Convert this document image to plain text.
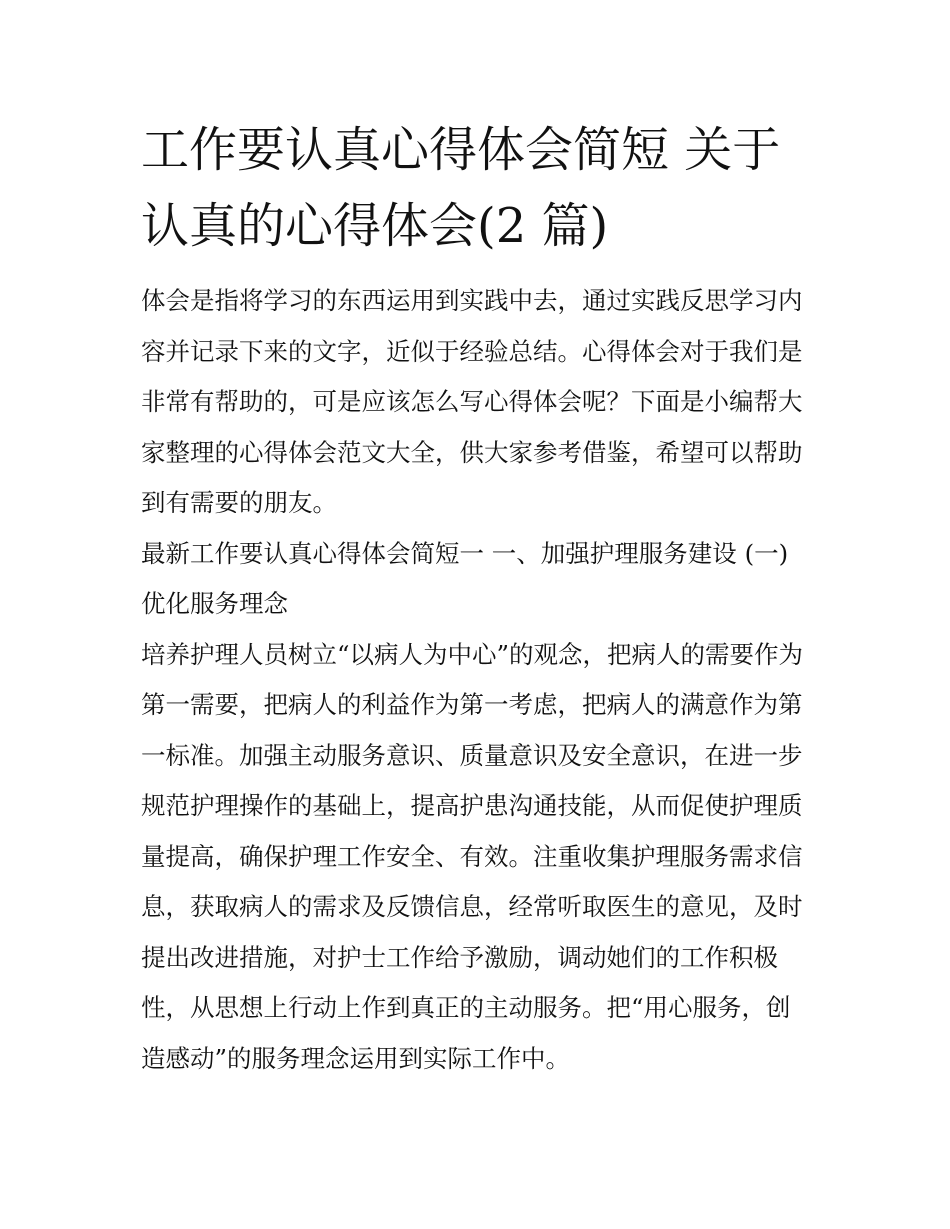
工作要认真心得体会简短 关于
认真的心得体会(2 篇)

体会是指将学习的东西运用到实践中去，通过实践反思学习内
容并记录下来的文字，近似于经验总结。心得体会对于我们是
非常有帮助的，可是应该怎么写心得体会呢？下面是小编帮大
家整理的心得体会范文大全，供大家参考借鉴，希望可以帮助
到有需要的朋友。

最新工作要认真心得体会简短一 一、加强护理服务建设 (一)
优化服务理念

培养护理人员树立“以病人为中心”的观念，把病人的需要作为
第一需要，把病人的利益作为第一考虑，把病人的满意作为第
一标准。加强主动服务意识、质量意识及安全意识，在进一步
规范护理操作的基础上，提高护患沟通技能，从而促使护理质
量提高，确保护理工作安全、有效。注重收集护理服务需求信
息，获取病人的需求及反馈信息，经常听取医生的意见，及时
提出改进措施，对护士工作给予激励，调动她们的工作积极
性，从思想上行动上作到真正的主动服务。把“用心服务，创
造感动”的服务理念运用到实际工作中。
